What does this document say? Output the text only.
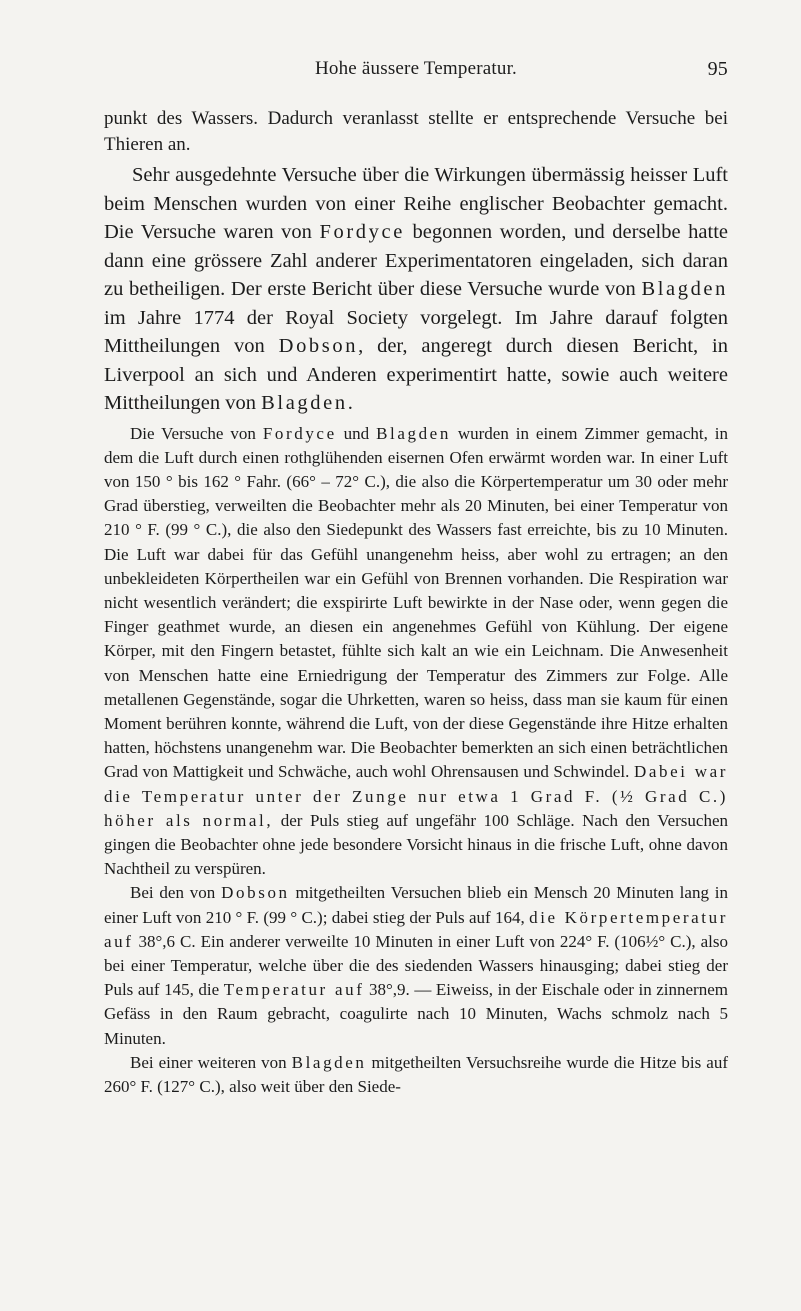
Hohe äussere Temperatur.	95

punkt des Wassers. Dadurch veranlasst stellte er entsprechende Versuche bei Thieren an.

Sehr ausgedehnte Versuche über die Wirkungen übermässig heisser Luft beim Menschen wurden von einer Reihe englischer Beobachter gemacht. Die Versuche waren von Fordyce begonnen worden, und derselbe hatte dann eine grössere Zahl anderer Experimentatoren eingeladen, sich daran zu betheiligen. Der erste Bericht über diese Versuche wurde von Blagden im Jahre 1774 der Royal Society vorgelegt. Im Jahre darauf folgten Mittheilungen von Dobson, der, angeregt durch diesen Bericht, in Liverpool an sich und Anderen experimentirt hatte, sowie auch weitere Mittheilungen von Blagden.

Die Versuche von Fordyce und Blagden wurden in einem Zimmer gemacht, in dem die Luft durch einen rothglühenden eisernen Ofen erwärmt worden war. In einer Luft von 150 ° bis 162 ° Fahr. (66° – 72° C.), die also die Körpertemperatur um 30 oder mehr Grad überstieg, verweilten die Beobachter mehr als 20 Minuten, bei einer Temperatur von 210 ° F. (99 ° C.), die also den Siedepunkt des Wassers fast erreichte, bis zu 10 Minuten. Die Luft war dabei für das Gefühl unangenehm heiss, aber wohl zu ertragen; an den unbekleideten Körpertheilen war ein Gefühl von Brennen vorhanden. Die Respiration war nicht wesentlich verändert; die exspirirte Luft bewirkte in der Nase oder, wenn gegen die Finger geathmet wurde, an diesen ein angenehmes Gefühl von Kühlung. Der eigene Körper, mit den Fingern betastet, fühlte sich kalt an wie ein Leichnam. Die Anwesenheit von Menschen hatte eine Erniedrigung der Temperatur des Zimmers zur Folge. Alle metallenen Gegenstände, sogar die Uhrketten, waren so heiss, dass man sie kaum für einen Moment berühren konnte, während die Luft, von der diese Gegenstände ihre Hitze erhalten hatten, höchstens unangenehm war. Die Beobachter bemerkten an sich einen beträchtlichen Grad von Mattigkeit und Schwäche, auch wohl Ohrensausen und Schwindel. Dabei war die Temperatur unter der Zunge nur etwa 1 Grad F. (½ Grad C.) höher als normal, der Puls stieg auf ungefähr 100 Schläge. Nach den Versuchen gingen die Beobachter ohne jede besondere Vorsicht hinaus in die frische Luft, ohne davon Nachtheil zu verspüren.

Bei den von Dobson mitgetheilten Versuchen blieb ein Mensch 20 Minuten lang in einer Luft von 210 ° F. (99 ° C.); dabei stieg der Puls auf 164, die Körpertemperatur auf 38°,6 C. Ein anderer verweilte 10 Minuten in einer Luft von 224° F. (106½° C.), also bei einer Temperatur, welche über die des siedenden Wassers hinausging; dabei stieg der Puls auf 145, die Temperatur auf 38°,9. — Eiweiss, in der Eischale oder in zinnernem Gefäss in den Raum gebracht, coagulirte nach 10 Minuten, Wachs schmolz nach 5 Minuten.

Bei einer weiteren von Blagden mitgetheilten Versuchsreihe wurde die Hitze bis auf 260° F. (127° C.), also weit über den Siede-
